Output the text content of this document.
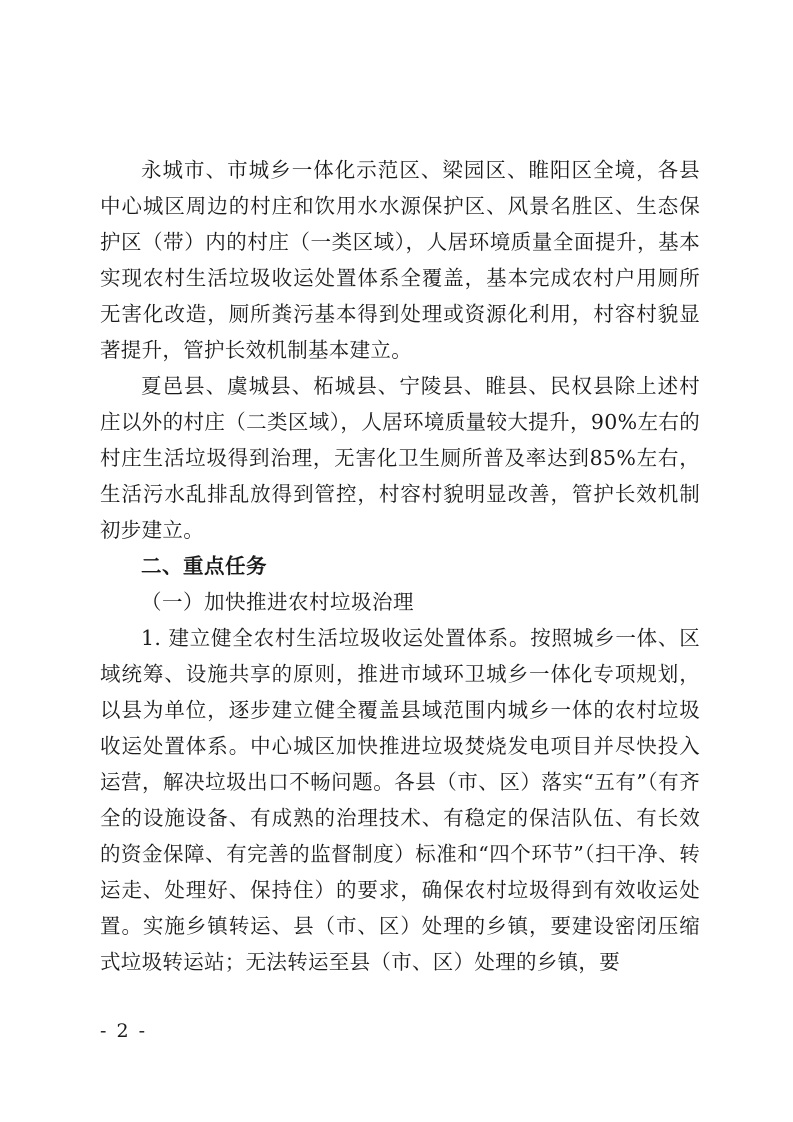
永城市、市城乡一体化示范区、梁园区、睢阳区全境，各县中心城区周边的村庄和饮用水水源保护区、风景名胜区、生态保护区（带）内的村庄（一类区域），人居环境质量全面提升，基本实现农村生活垃圾收运处置体系全覆盖，基本完成农村户用厕所无害化改造，厕所粪污基本得到处理或资源化利用，村容村貌显著提升，管护长效机制基本建立。

夏邑县、虞城县、柘城县、宁陵县、睢县、民权县除上述村庄以外的村庄（二类区域），人居环境质量较大提升，90%左右的村庄生活垃圾得到治理，无害化卫生厕所普及率达到85%左右，生活污水乱排乱放得到管控，村容村貌明显改善，管护长效机制初步建立。

二、重点任务

（一）加快推进农村垃圾治理

1. 建立健全农村生活垃圾收运处置体系。按照城乡一体、区域统筹、设施共享的原则，推进市域环卫城乡一体化专项规划，以县为单位，逐步建立健全覆盖县域范围内城乡一体的农村垃圾收运处置体系。中心城区加快推进垃圾焚烧发电项目并尽快投入运营，解决垃圾出口不畅问题。各县（市、区）落实“五有”（有齐全的设施设备、有成熟的治理技术、有稳定的保洁队伍、有长效的资金保障、有完善的监督制度）标准和“四个环节”（扫干净、转运走、处理好、保持住）的要求，确保农村垃圾得到有效收运处置。实施乡镇转运、县（市、区）处理的乡镇，要建设密闭压缩式垃圾转运站；无法转运至县（市、区）处理的乡镇，要

- 2 -
